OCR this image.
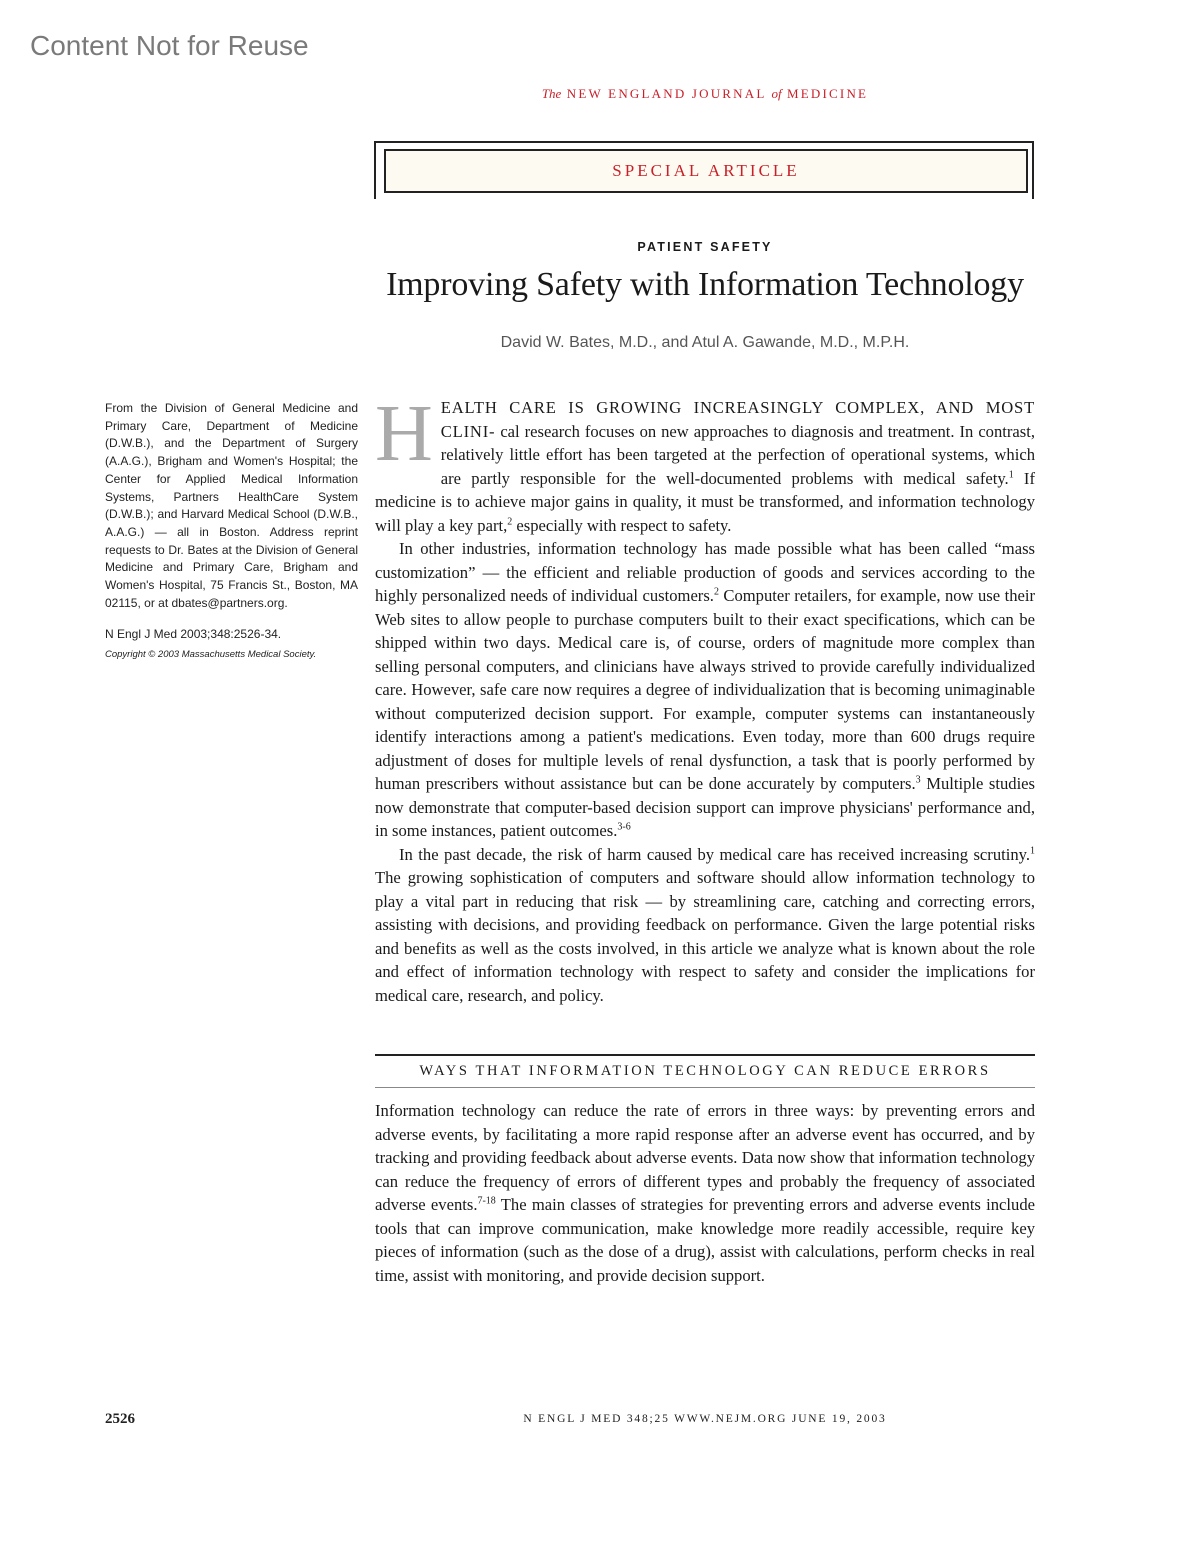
Content Not for Reuse
The NEW ENGLAND JOURNAL of MEDICINE
SPECIAL ARTICLE
PATIENT SAFETY
Improving Safety with Information Technology
David W. Bates, M.D., and Atul A. Gawande, M.D., M.P.H.
From the Division of General Medicine and Primary Care, Department of Medicine (D.W.B.), and the Department of Surgery (A.A.G.), Brigham and Women's Hospital; the Center for Applied Medical Information Systems, Partners HealthCare System (D.W.B.); and Harvard Medical School (D.W.B., A.A.G.) — all in Boston. Address reprint requests to Dr. Bates at the Division of General Medicine and Primary Care, Brigham and Women's Hospital, 75 Francis St., Boston, MA 02115, or at dbates@partners.org.
N Engl J Med 2003;348:2526-34.
Copyright © 2003 Massachusetts Medical Society.

HEALTH CARE IS GROWING INCREASINGLY COMPLEX, AND MOST CLINI- cal research focuses on new approaches to diagnosis and treatment. In contrast, relatively little effort has been targeted at the perfection of operational systems, which are partly responsible for the well-documented problems with medical safety.$^1$ If medicine is to achieve major gains in quality, it must be transformed, and information technology will play a key part,$^2$ especially with respect to safety.

In other industries, information technology has made possible what has been called “mass customization” — the efficient and reliable production of goods and services according to the highly personalized needs of individual customers.$^2$ Computer retailers, for example, now use their Web sites to allow people to purchase computers built to their exact specifications, which can be shipped within two days. Medical care is, of course, orders of magnitude more complex than selling personal computers, and clinicians have always strived to provide carefully individualized care. However, safe care now requires a degree of individualization that is becoming unimaginable without computerized decision support. For example, computer systems can instantaneously identify interactions among a patient's medications. Even today, more than 600 drugs require adjustment of doses for multiple levels of renal dysfunction, a task that is poorly performed by human prescribers without assistance but can be done accurately by computers.$^3$ Multiple studies now demonstrate that computer-based decision support can improve physicians' performance and, in some instances, patient outcomes.$^{3-6}$

In the past decade, the risk of harm caused by medical care has received increasing scrutiny.$^1$ The growing sophistication of computers and software should allow information technology to play a vital part in reducing that risk — by streamlining care, catching and correcting errors, assisting with decisions, and providing feedback on performance. Given the large potential risks and benefits as well as the costs involved, in this article we analyze what is known about the role and effect of information technology with respect to safety and consider the implications for medical care, research, and policy.

WAYS THAT INFORMATION TECHNOLOGY CAN REDUCE ERRORS

Information technology can reduce the rate of errors in three ways: by preventing errors and adverse events, by facilitating a more rapid response after an adverse event has occurred, and by tracking and providing feedback about adverse events. Data now show that information technology can reduce the frequency of errors of different types and probably the frequency of associated adverse events.$^{7-18}$ The main classes of strategies for preventing errors and adverse events include tools that can improve communication, make knowledge more readily accessible, require key pieces of information (such as the dose of a drug), assist with calculations, perform checks in real time, assist with monitoring, and provide decision support.

2526	N ENGL J MED 348;25 WWW.NEJM.ORG JUNE 19, 2003
